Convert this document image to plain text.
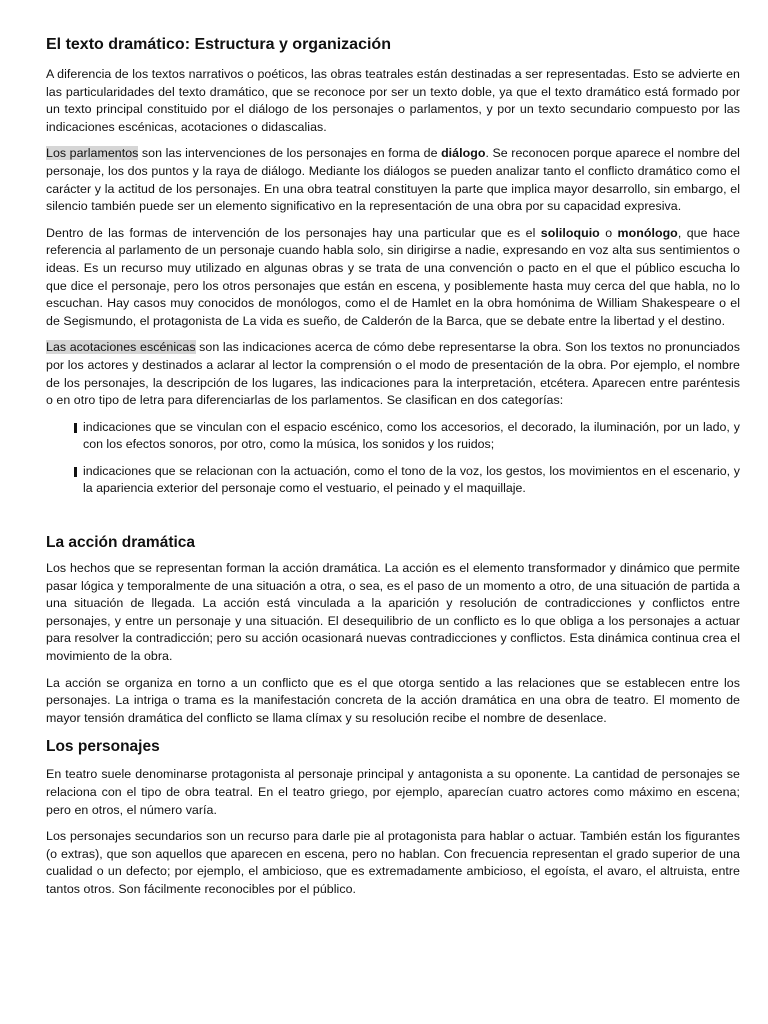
El texto dramático: Estructura y organización

A diferencia de los textos narrativos o poéticos, las obras teatrales están destinadas a ser representadas. Esto se advierte en las particularidades del texto dramático, que se reconoce por ser un texto doble, ya que el texto dramático está formado por un texto principal constituido por el diálogo de los personajes o parlamentos, y por un texto secundario compuesto por las indicaciones escénicas, acotaciones o didascalias.

Los parlamentos son las intervenciones de los personajes en forma de diálogo. Se reconocen porque aparece el nombre del personaje, los dos puntos y la raya de diálogo. Mediante los diálogos se pueden analizar tanto el conflicto dramático como el carácter y la actitud de los personajes. En una obra teatral constituyen la parte que implica mayor desarrollo, sin embargo, el silencio también puede ser un elemento significativo en la representación de una obra por su capacidad expresiva.

Dentro de las formas de intervención de los personajes hay una particular que es el soliloquio o monólogo, que hace referencia al parlamento de un personaje cuando habla solo, sin dirigirse a nadie, expresando en voz alta sus sentimientos o ideas. Es un recurso muy utilizado en algunas obras y se trata de una convención o pacto en el que el público escucha lo que dice el personaje, pero los otros personajes que están en escena, y posiblemente hasta muy cerca del que habla, no lo escuchan. Hay casos muy conocidos de monólogos, como el de Hamlet en la obra homónima de William Shakespeare o el de Segismundo, el protagonista de La vida es sueño, de Calderón de la Barca, que se debate entre la libertad y el destino.

Las acotaciones escénicas son las indicaciones acerca de cómo debe representarse la obra. Son los textos no pronunciados por los actores y destinados a aclarar al lector la comprensión o el modo de presentación de la obra. Por ejemplo, el nombre de los personajes, la descripción de los lugares, las indicaciones para la interpretación, etcétera. Aparecen entre paréntesis o en otro tipo de letra para diferenciarlas de los parlamentos. Se clasifican en dos categorías:

indicaciones que se vinculan con el espacio escénico, como los accesorios, el decorado, la iluminación, por un lado, y con los efectos sonoros, por otro, como la música, los sonidos y los ruidos;
indicaciones que se relacionan con la actuación, como el tono de la voz, los gestos, los movimientos en el escenario, y la apariencia exterior del personaje como el vestuario, el peinado y el maquillaje.
La acción dramática

Los hechos que se representan forman la acción dramática. La acción es el elemento transformador y dinámico que permite pasar lógica y temporalmente de una situación a otra, o sea, es el paso de un momento a otro, de una situación de partida a una situación de llegada. La acción está vinculada a la aparición y resolución de contradicciones y conflictos entre personajes, y entre un personaje y una situación. El desequilibrio de un conflicto es lo que obliga a los personajes a actuar para resolver la contradicción; pero su acción ocasionará nuevas contradicciones y conflictos. Esta dinámica continua crea el movimiento de la obra.

La acción se organiza en torno a un conflicto que es el que otorga sentido a las relaciones que se establecen entre los personajes. La intriga o trama es la manifestación concreta de la acción dramática en una obra de teatro. El momento de mayor tensión dramática del conflicto se llama clímax y su resolución recibe el nombre de desenlace.

Los personajes

En teatro suele denominarse protagonista al personaje principal y antagonista a su oponente. La cantidad de personajes se relaciona con el tipo de obra teatral. En el teatro griego, por ejemplo, aparecían cuatro actores como máximo en escena; pero en otros, el número varía.

Los personajes secundarios son un recurso para darle pie al protagonista para hablar o actuar. También están los figurantes (o extras), que son aquellos que aparecen en escena, pero no hablan. Con frecuencia representan el grado superior de una cualidad o un defecto; por ejemplo, el ambicioso, que es extremadamente ambicioso, el egoísta, el avaro, el altruista, entre tantos otros. Son fácilmente reconocibles por el público.
